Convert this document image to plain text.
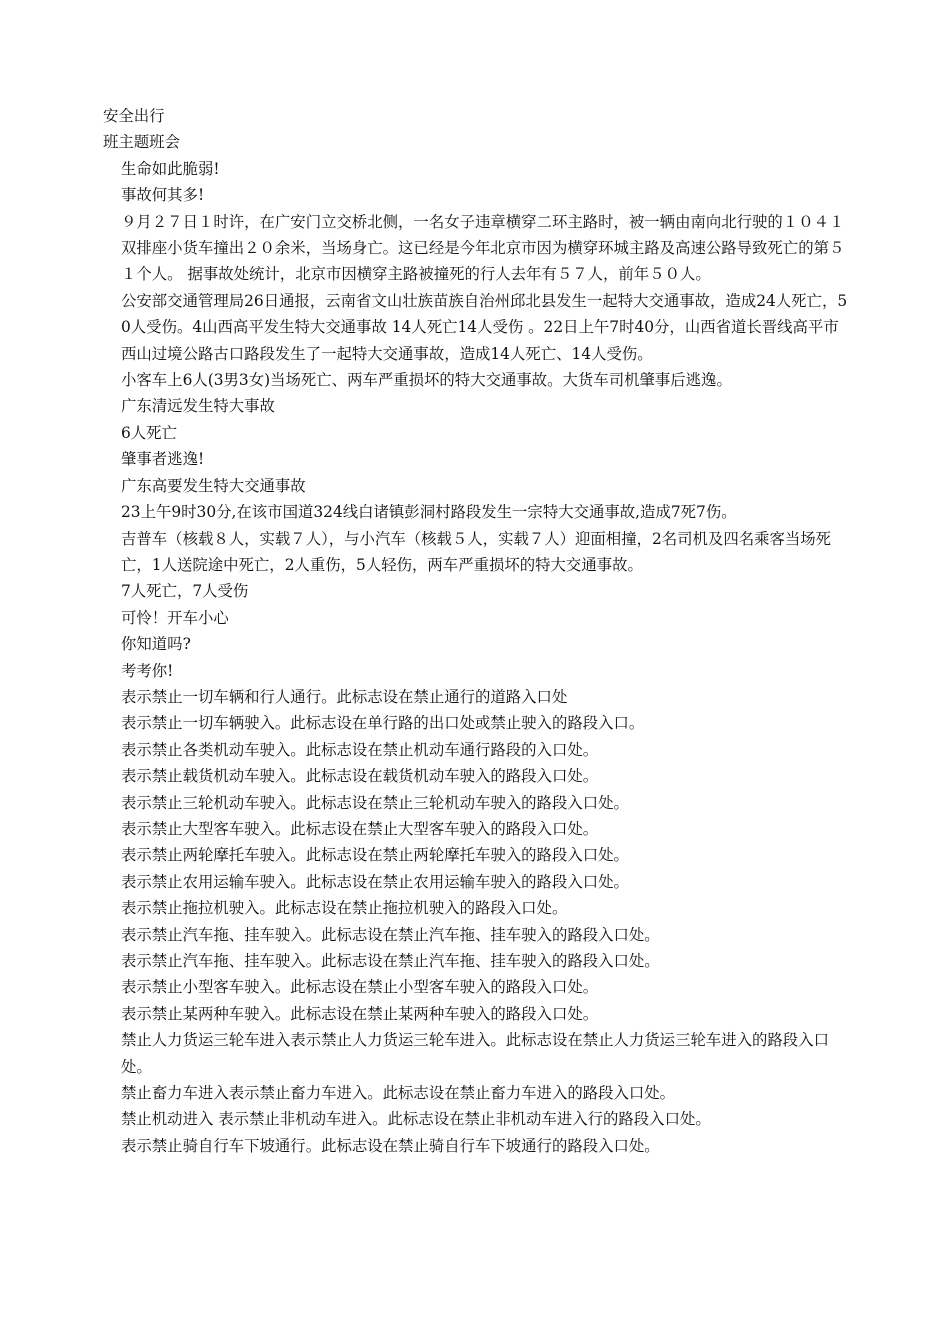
安全出行

班主题班会

生命如此脆弱!

事故何其多!

９月２７日１时许，在广安门立交桥北侧，一名女子违章横穿二环主路时，被一辆由南向北行驶的１０４１双排座小货车撞出２０余米，当场身亡。这已经是今年北京市因为横穿环城主路及高速公路导致死亡的第５１个人。 据事故处统计，北京市因横穿主路被撞死的行人去年有５７人，前年５０人。

公安部交通管理局26日通报，云南省文山壮族苗族自治州邱北县发生一起特大交通事故，造成24人死亡，50人受伤。4山西高平发生特大交通事故 14人死亡14人受伤 。22日上午7时40分，山西省道长晋线高平市西山过境公路古口路段发生了一起特大交通事故，造成14人死亡、14人受伤。

小客车上6人(3男3女)当场死亡、两车严重损坏的特大交通事故。大货车司机肇事后逃逸。

广东清远发生特大事故

6人死亡

肇事者逃逸!

广东高要发生特大交通事故

23上午9时30分,在该市国道324线白诸镇彭洞村路段发生一宗特大交通事故,造成7死7伤。

吉普车（核载８人，实载７人），与小汽车（核载５人，实载７人）迎面相撞，2名司机及四名乘客当场死亡，1人送院途中死亡，2人重伤，5人轻伤，两车严重损坏的特大交通事故。

7人死亡，7人受伤

可怜！开车小心

你知道吗?

考考你!

表示禁止一切车辆和行人通行。此标志设在禁止通行的道路入口处

表示禁止一切车辆驶入。此标志设在单行路的出口处或禁止驶入的路段入口。

表示禁止各类机动车驶入。此标志设在禁止机动车通行路段的入口处。

表示禁止载货机动车驶入。此标志设在载货机动车驶入的路段入口处。

表示禁止三轮机动车驶入。此标志设在禁止三轮机动车驶入的路段入口处。

表示禁止大型客车驶入。此标志设在禁止大型客车驶入的路段入口处。

表示禁止两轮摩托车驶入。此标志设在禁止两轮摩托车驶入的路段入口处。

表示禁止农用运输车驶入。此标志设在禁止农用运输车驶入的路段入口处。

表示禁止拖拉机驶入。此标志设在禁止拖拉机驶入的路段入口处。

表示禁止汽车拖、挂车驶入。此标志设在禁止汽车拖、挂车驶入的路段入口处。

表示禁止汽车拖、挂车驶入。此标志设在禁止汽车拖、挂车驶入的路段入口处。

表示禁止小型客车驶入。此标志设在禁止小型客车驶入的路段入口处。

表示禁止某两种车驶入。此标志设在禁止某两种车驶入的路段入口处。

禁止人力货运三轮车进入表示禁止人力货运三轮车进入。此标志设在禁止人力货运三轮车进入的路段入口处。

禁止畜力车进入表示禁止畜力车进入。此标志设在禁止畜力车进入的路段入口处。

禁止机动进入 表示禁止非机动车进入。此标志设在禁止非机动车进入行的路段入口处。

表示禁止骑自行车下坡通行。此标志设在禁止骑自行车下坡通行的路段入口处。
